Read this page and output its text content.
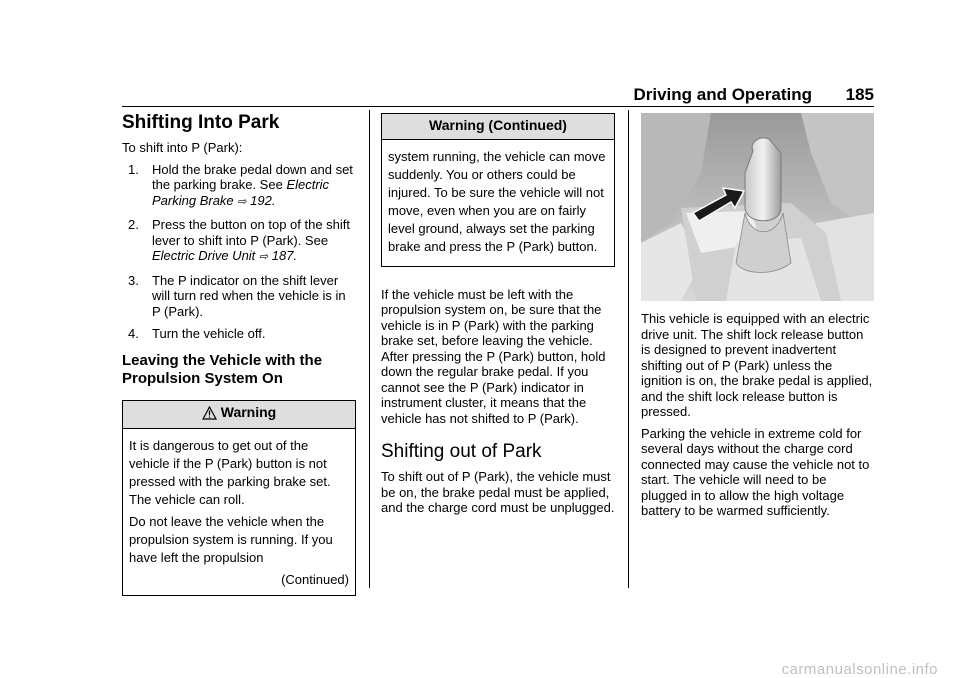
Driving and Operating 185
Shifting Into Park

To shift into P (Park):

1. Hold the brake pedal down and set the parking brake. See Electric Parking Brake ⇨ 192.
2. Press the button on top of the shift lever to shift into P (Park). See Electric Drive Unit ⇨ 187.
3. The P indicator on the shift lever will turn red when the vehicle is in P (Park).
4. Turn the vehicle off.
Leaving the Vehicle with the Propulsion System On
Warning

It is dangerous to get out of the vehicle if the P (Park) button is not pressed with the parking brake set. The vehicle can roll.

Do not leave the vehicle when the propulsion system is running. If you have left the propulsion

(Continued)
Warning (Continued)

system running, the vehicle can move suddenly. You or others could be injured. To be sure the vehicle will not move, even when you are on fairly level ground, always set the parking brake and press the P (Park) button.

If the vehicle must be left with the propulsion system on, be sure that the vehicle is in P (Park) with the parking brake set, before leaving the vehicle. After pressing the P (Park) button, hold down the regular brake pedal. If you cannot see the P (Park) indicator in instrument cluster, it means that the vehicle has not shifted to P (Park).

Shifting out of Park

To shift out of P (Park), the vehicle must be on, the brake pedal must be applied, and the charge cord must be unplugged.

This vehicle is equipped with an electric drive unit. The shift lock release button is designed to prevent inadvertent shifting out of P (Park) unless the ignition is on, the brake pedal is applied, and the shift lock release button is pressed.

Parking the vehicle in extreme cold for several days without the charge cord connected may cause the vehicle not to start. The vehicle will need to be plugged in to allow the high voltage battery to be warmed sufficiently.

carmanualsonline.info
